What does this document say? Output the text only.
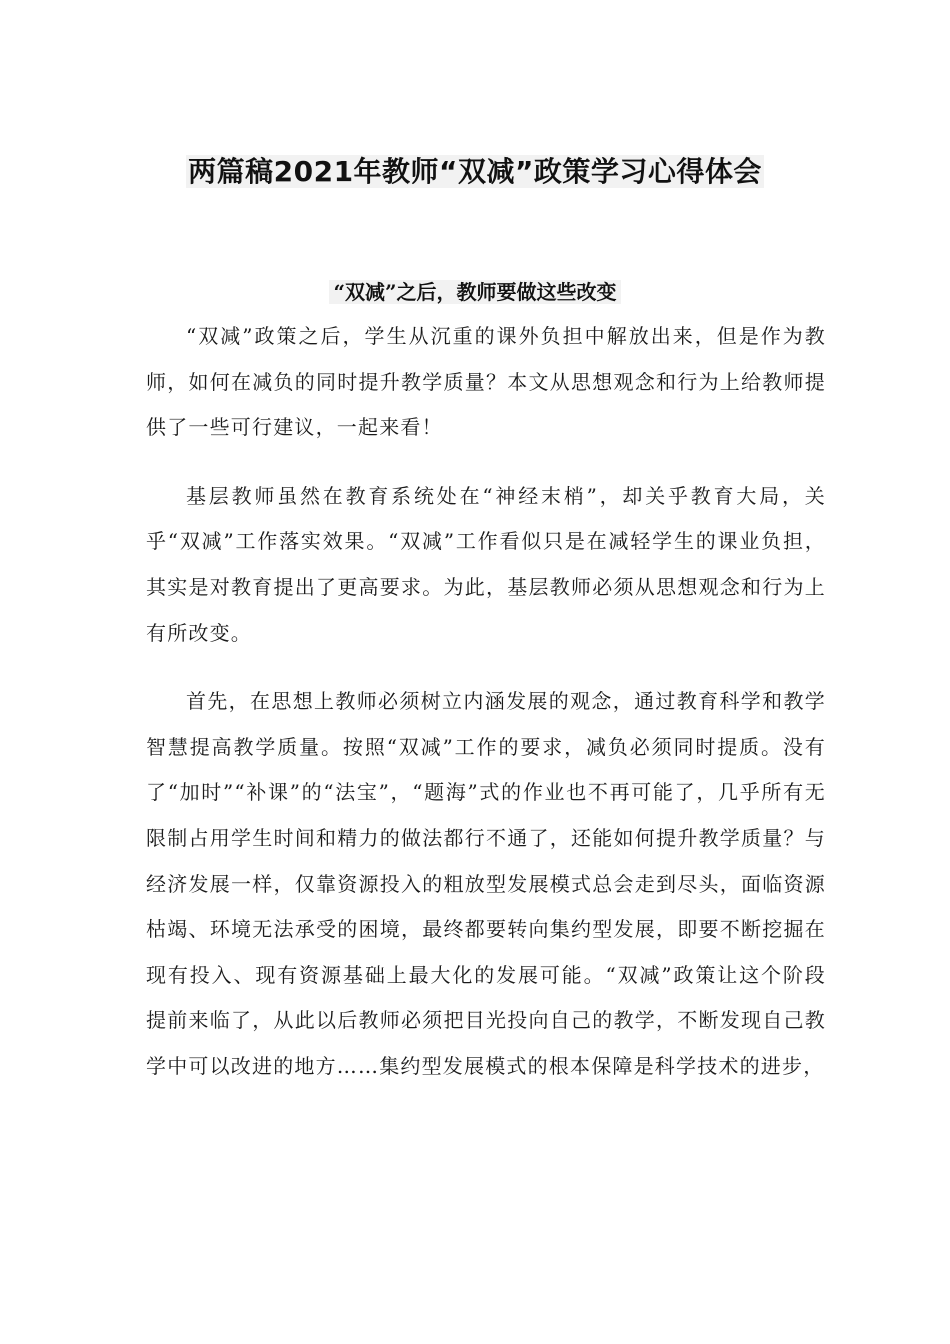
两篇稿2021年教师“双减”政策学习心得体会
“双减”之后，教师要做这些改变

“双减”政策之后，学生从沉重的课外负担中解放出来，但是作为教师，如何在减负的同时提升教学质量？本文从思想观念和行为上给教师提供了一些可行建议，一起来看！

基层教师虽然在教育系统处在“神经末梢”，却关乎教育大局，关乎“双减”工作落实效果。“双减”工作看似只是在减轻学生的课业负担，其实是对教育提出了更高要求。为此，基层教师必须从思想观念和行为上有所改变。

首先，在思想上教师必须树立内涵发展的观念，通过教育科学和教学智慧提高教学质量。按照“双减”工作的要求，减负必须同时提质。没有了“加时”“补课”的“法宝”，“题海”式的作业也不再可能了，几乎所有无限制占用学生时间和精力的做法都行不通了，还能如何提升教学质量？与经济发展一样，仅靠资源投入的粗放型发展模式总会走到尽头，面临资源枯竭、环境无法承受的困境，最终都要转向集约型发展，即要不断挖掘在现有投入、现有资源基础上最大化的发展可能。“双减”政策让这个阶段提前来临了，从此以后教师必须把目光投向自己的教学，不断发现自己教学中可以改进的地方……集约型发展模式的根本保障是科学技术的进步，
